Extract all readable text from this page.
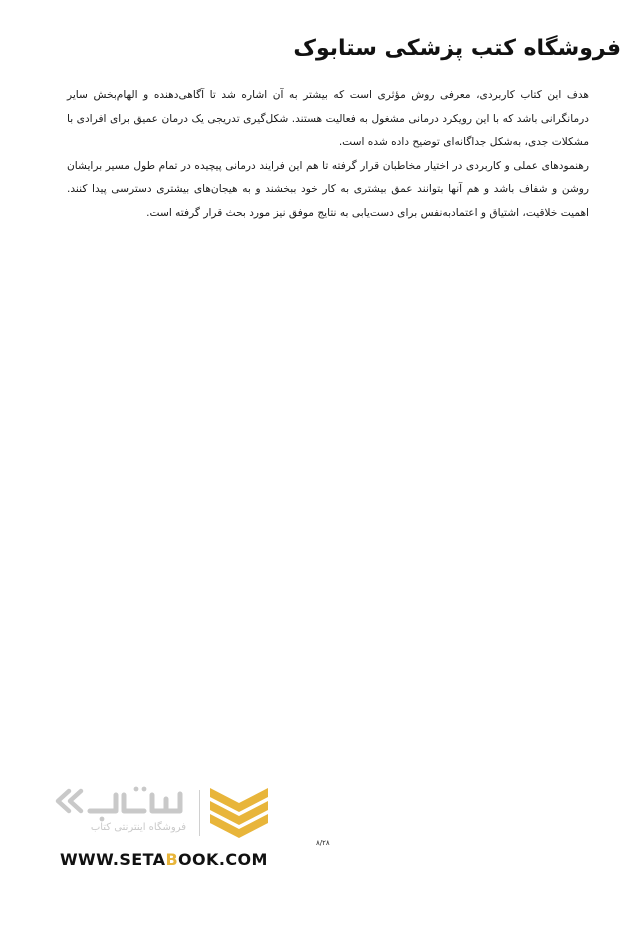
فروشگاه کتب پزشکی ستابوک

هدف این کتاب کاربردی، معرفی روش مؤثری است که بیشتر به آن اشاره شد تا آگاهی‌دهنده و الهام‌بخش سایر درمانگرانی باشد که با این رویکرد درمانی مشغول به فعالیت هستند. شکل‌گیری تدریجی یک درمان عمیق برای افرادی با مشکلات جدی، به‌شکل جداگانه‌ای توضیح داده شده است.

رهنمودهای عملی و کاربردی در اختیار مخاطبان قرار گرفته تا هم این فرایند درمانی پیچیده در تمام طول مسیر برایشان روشن و شفاف باشد و هم آنها بتوانند عمق بیشتری به کار خود ببخشند و به هیجان‌های بیشتری دسترسی پیدا کنند. اهمیت خلاقیت، اشتیاق و اعتمادبه‌نفس برای دست‌یابی به نتایج موفق نیز مورد بحث قرار گرفته است.

فروشگاه اینترنتی کتاب
WWW.SETABOOK.COM
۸/۲۸
